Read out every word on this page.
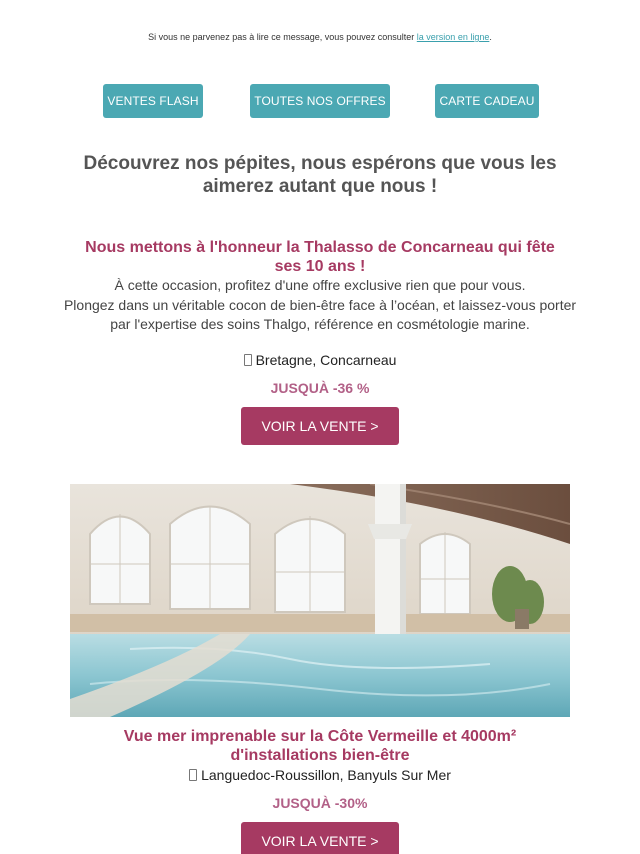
Si vous ne parvenez pas à lire ce message, vous pouvez consulter la version en ligne.
VENTES FLASH	TOUTES NOS OFFRES	CARTE CADEAU
Découvrez nos pépites, nous espérons que vous les aimerez autant que nous !
Nous mettons à l'honneur la Thalasso de Concarneau qui fête ses 10 ans !
À cette occasion, profitez d'une offre exclusive rien que pour vous.
Plongez dans un véritable cocon de bien-être face à l’océan, et laissez-vous porter par l'expertise des soins Thalgo, référence en cosmétologie marine.
Bretagne, Concarneau
JUSQUÀ -36 %
VOIR LA VENTE >
Vue mer imprenable sur la Côte Vermeille et 4000m² d'installations bien-être
Languedoc-Roussillon, Banyuls Sur Mer
JUSQUÀ -30%
VOIR LA VENTE >
